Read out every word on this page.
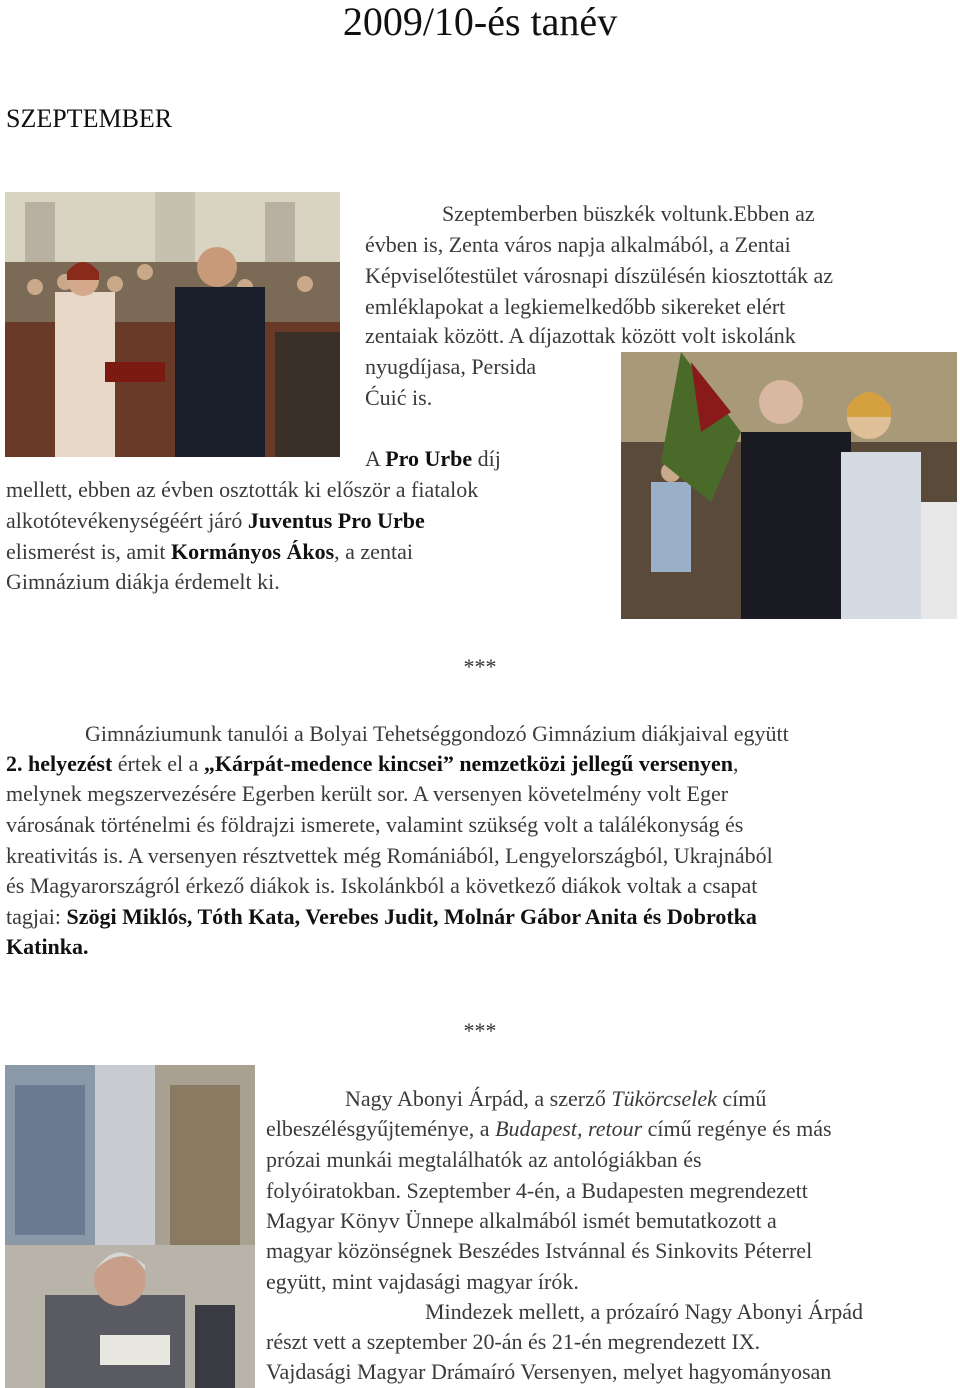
2009/10-és tanév
SZEPTEMBER
Szeptemberben büszkék voltunk.Ebben az
évben is, Zenta város napja alkalmából, a Zentai
Képviselőtestület városnapi díszülésén kiosztották az
emléklapokat a legkiemelkedőbb sikereket elért
zentaiak között. A díjazottak között volt iskolánk
nyugdíjasa, Persida
Ćuić is.
A Pro Urbe díj
mellett, ebben az évben osztották ki először a fiatalok
alkotótevékenységéért járó Juventus Pro Urbe
elismerést is, amit Kormányos Ákos, a zentai
Gimnázium diákja érdemelt ki.
***
Gimnáziumunk tanulói a Bolyai Tehetséggondozó Gimnázium diákjaival együtt
2. helyezést értek el a „Kárpát-medence kincsei” nemzetközi jellegű versenyen,
melynek megszervezésére Egerben került sor. A versenyen követelmény volt Eger
városának történelmi és földrajzi ismerete, valamint szükség volt a találékonyság és
kreativitás is. A versenyen résztvettek még Romániából, Lengyelországból, Ukrajnából
és Magyarországról érkező diákok is. Iskolánkból a következő diákok voltak a csapat
tagjai: Szögi Miklós, Tóth Kata, Verebes Judit, Molnár Gábor Anita és Dobrotka
Katinka.
***
Nagy Abonyi Árpád, a szerző Tükörcselek című
elbeszélésgyűjteménye, a Budapest, retour című regénye és más
prózai munkái megtalálhatók az antológiákban és
folyóiratokban. Szeptember 4-én, a Budapesten megrendezett
Magyar Könyv Ünnepe alkalmából ismét bemutatkozott a
magyar közönségnek Beszédes Istvánnal és Sinkovits Péterrel
együtt, mint vajdasági magyar írók.
Mindezek mellett, a prózaíró Nagy Abonyi Árpád
részt vett a szeptember 20-án és 21-én megrendezett IX.
Vajdasági Magyar Drámaíró Versenyen, melyet hagyományosan
